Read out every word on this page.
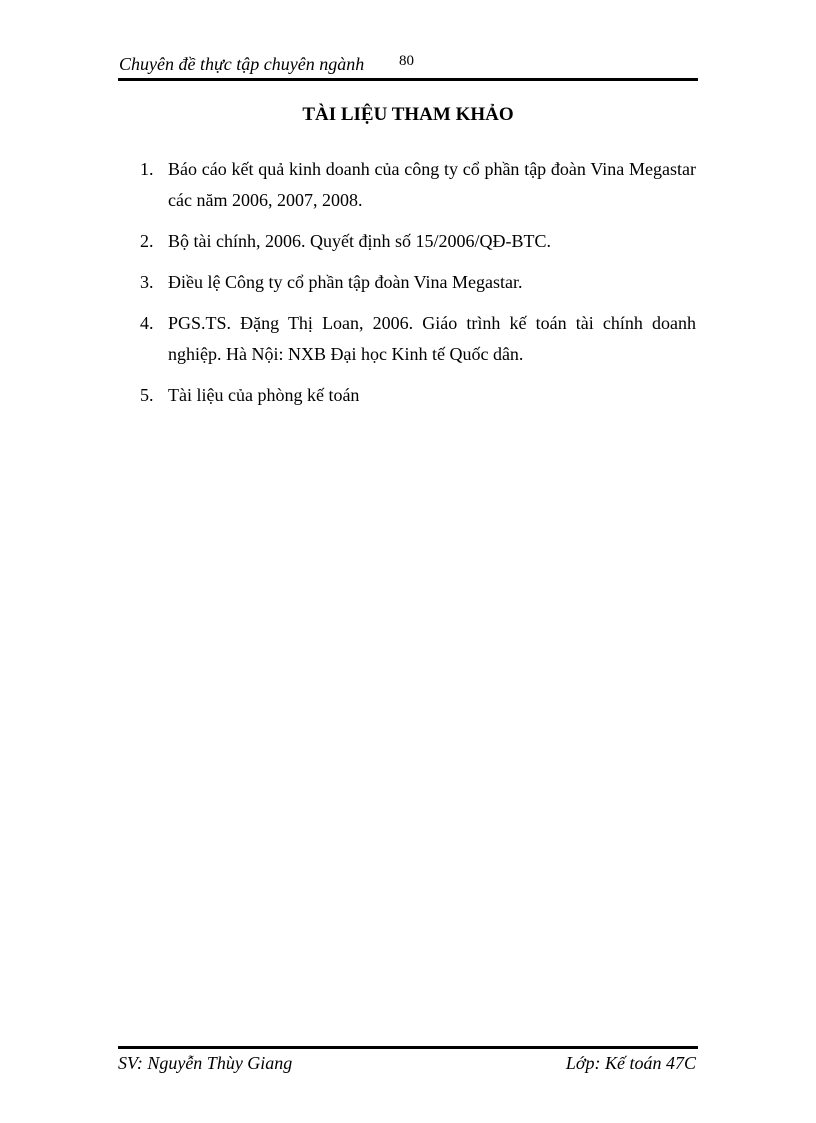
Chuyên đề thực tập chuyên ngành 80
TÀI LIỆU THAM KHẢO
1. Báo cáo kết quả kinh doanh của công ty cổ phần tập đoàn Vina Megastar các năm 2006, 2007, 2008.
2. Bộ tài chính, 2006. Quyết định số 15/2006/QĐ-BTC.
3. Điều lệ Công ty cổ phần tập đoàn Vina Megastar.
4. PGS.TS. Đặng Thị Loan, 2006. Giáo trình kế toán tài chính doanh nghiệp. Hà Nội: NXB Đại học Kinh tế Quốc dân.
5. Tài liệu của phòng kế toán
SV: Nguyễn Thùy Giang	Lớp: Kế toán 47C
